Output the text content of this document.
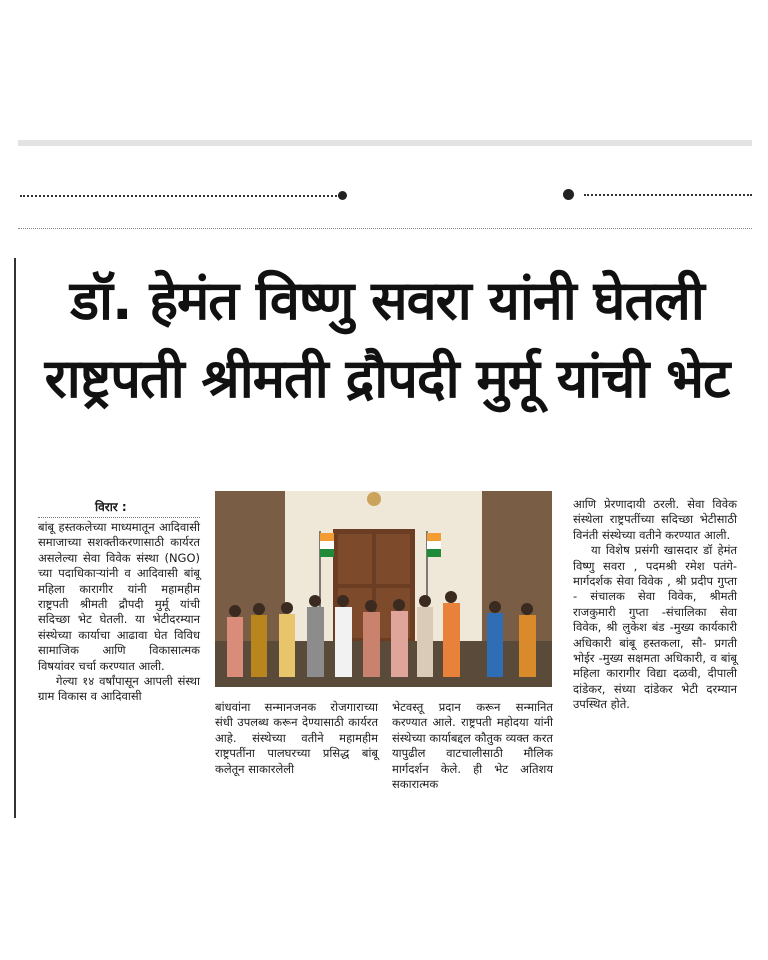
डॉ. हेमंत विष्णु सवरा यांनी घेतली
राष्ट्रपती श्रीमती द्रौपदी मुर्मू यांची भेट
विरार :

बांबू हस्तकलेच्या माध्यमातून आदिवासी समाजाच्या सशक्तीकरणासाठी कार्यरत असलेल्या सेवा विवेक संस्था (NGO) च्या पदाधिकाऱ्यांनी व आदिवासी बांबू महिला कारागीर यांनी महामहीम राष्ट्रपती श्रीमती द्रौपदी मुर्मू यांची सदिच्छा भेट घेतली. या भेटीदरम्यान संस्थेच्या कार्याचा आढावा घेत विविध सामाजिक आणि विकासात्मक विषयांवर चर्चा करण्यात आली.

गेल्या १४ वर्षांपासून आपली संस्था ग्राम विकास व आदिवासी

बांधवांना सन्मानजनक रोजगाराच्या संधी उपलब्ध करून देण्यासाठी कार्यरत आहे. संस्थेच्या वतीने महामहीम राष्ट्रपतींना पालघरच्या प्रसिद्ध बांबू कलेतून साकारलेली

भेटवस्तू प्रदान करून सन्मानित करण्यात आले. राष्ट्रपती महोदया यांनी संस्थेच्या कार्याबद्दल कौतुक व्यक्त करत यापुढील वाटचालीसाठी मौलिक मार्गदर्शन केले. ही भेट अतिशय सकारात्मक

आणि प्रेरणादायी ठरली. सेवा विवेक संस्थेला राष्ट्रपतींच्या सदिच्छा भेटीसाठी विनंती संस्थेच्या वतीने करण्यात आली.

या विशेष प्रसंगी खासदार डॉ हेमंत विष्णु सवरा , पदमश्री रमेश पतंगे- मार्गदर्शक सेवा विवेक , श्री प्रदीप गुप्ता - संचालक सेवा विवेक, श्रीमती राजकुमारी गुप्ता -संचालिका सेवा विवेक, श्री लुकेश बंड -मुख्य कार्यकारी अधिकारी बांबू हस्तकला, सौ- प्रगती भोईर -मुख्य सक्षमता अधिकारी, व बांबू महिला कारागीर विद्या दळवी, दीपाली दांडेकर, संध्या दांडेकर भेटी दरम्यान उपस्थित होते.
